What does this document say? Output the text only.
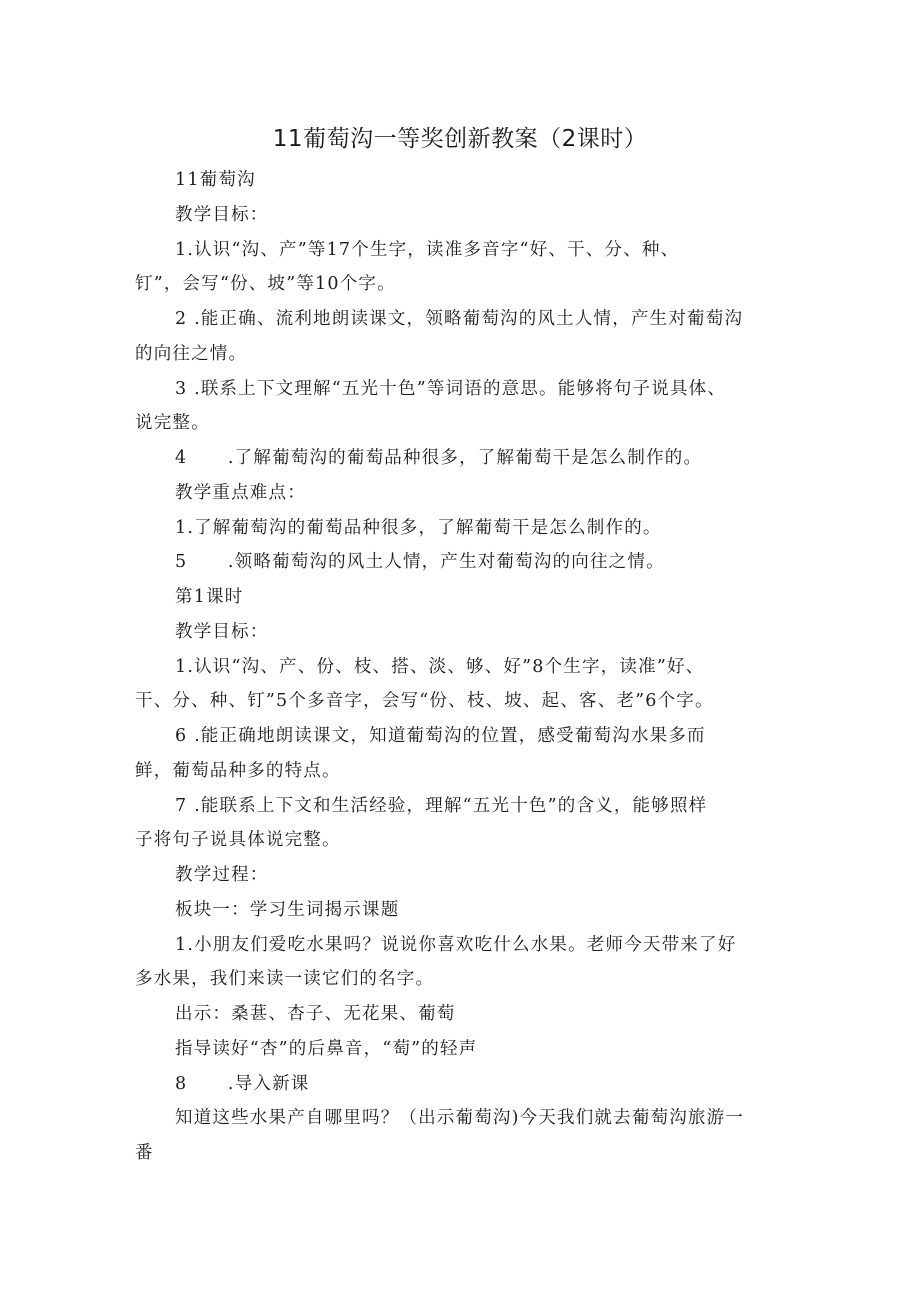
11葡萄沟一等奖创新教案（2课时）
11葡萄沟
教学目标：
1.认识“沟、产”等17个生字，读准多音字“好、干、分、种、
钉”，会写“份、坡”等10个字。
2 .能正确、流利地朗读课文，领略葡萄沟的风土人情，产生对葡萄沟
的向往之情。
3 .联系上下文理解“五光十色”等词语的意思。能够将句子说具体、
说完整。
4      .了解葡萄沟的葡萄品种很多，了解葡萄干是怎么制作的。
教学重点难点：
1.了解葡萄沟的葡萄品种很多，了解葡萄干是怎么制作的。
5      .领略葡萄沟的风土人情，产生对葡萄沟的向往之情。
第1课时
教学目标：
1.认识“沟、产、份、枝、搭、淡、够、好”8个生字，读准”好、
干、分、种、钉”5个多音字，会写“份、枝、坡、起、客、老”6个字。
6 .能正确地朗读课文，知道葡萄沟的位置，感受葡萄沟水果多而
鲜，葡萄品种多的特点。
7 .能联系上下文和生活经验，理解“五光十色”的含义，能够照样
子将句子说具体说完整。
教学过程：
板块一：学习生词揭示课题
1.小朋友们爱吃水果吗？说说你喜欢吃什么水果。老师今天带来了好
多水果，我们来读一读它们的名字。
出示：桑葚、杏子、无花果、葡萄
指导读好“杏”的后鼻音，“萄”的轻声
8      .导入新课
知道这些水果产自哪里吗？（出示葡萄沟)今天我们就去葡萄沟旅游一
番
